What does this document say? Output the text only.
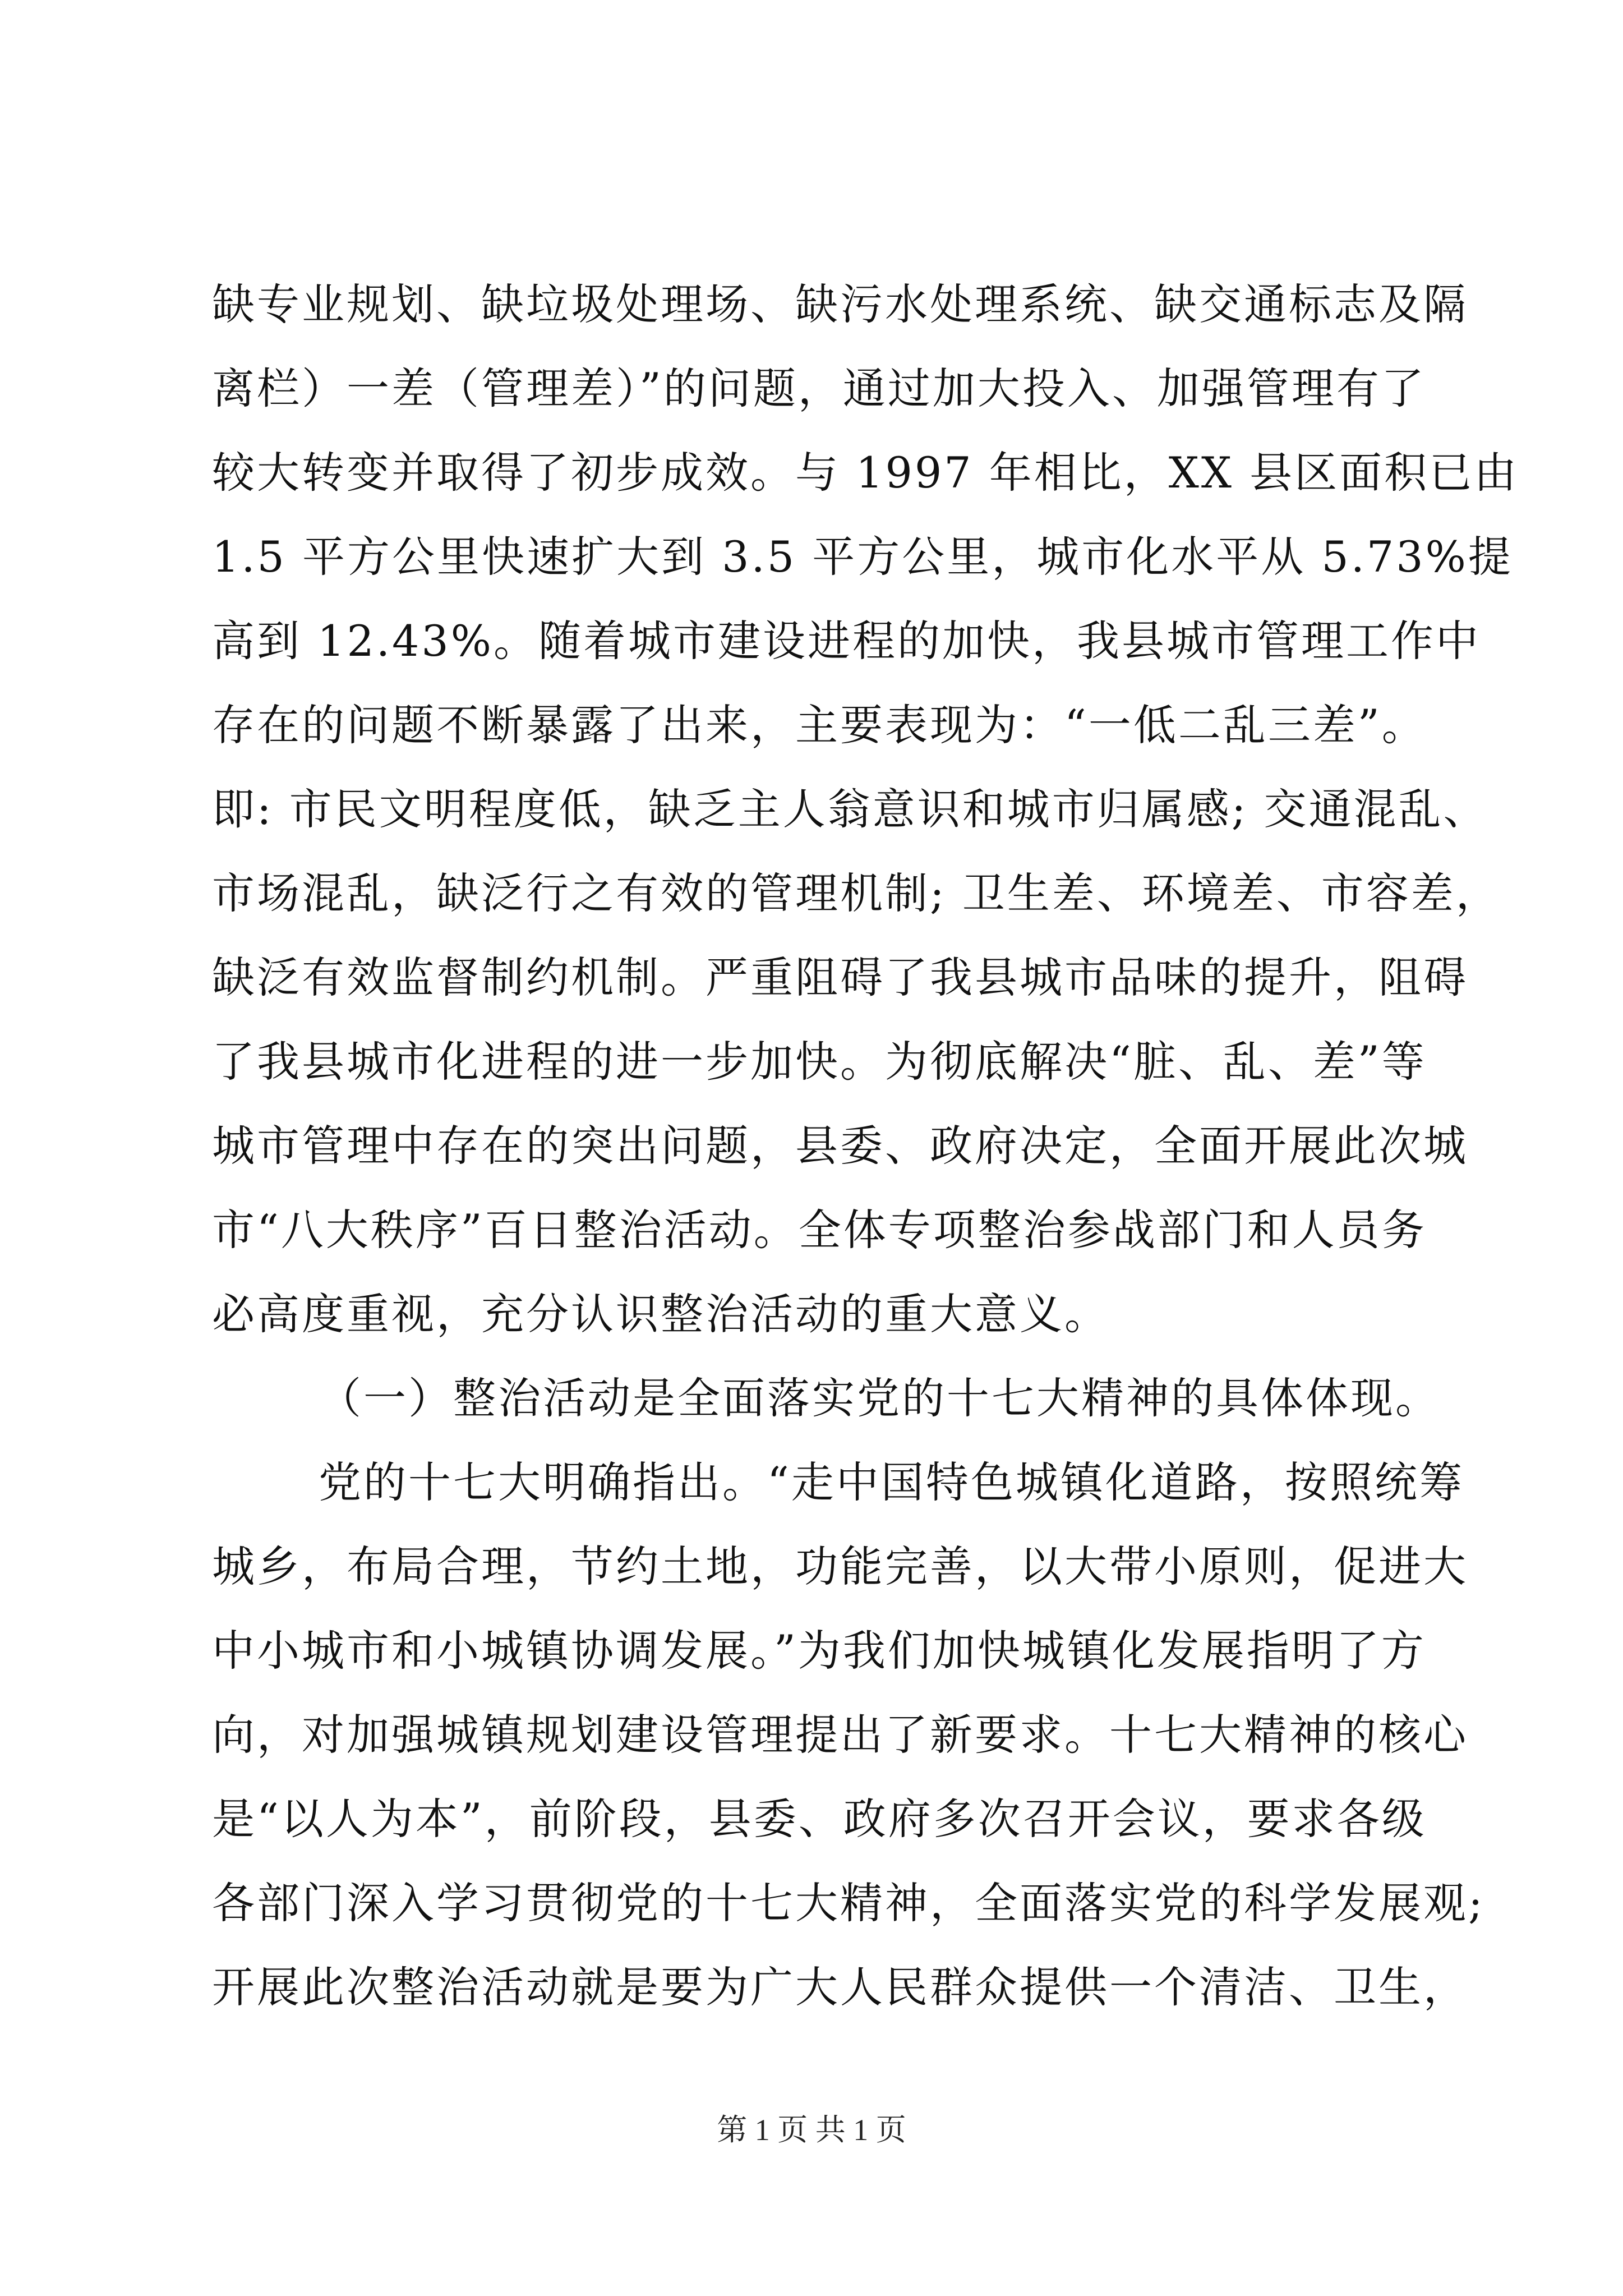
缺专业规划、缺垃圾处理场、缺污水处理系统、缺交通标志及隔
离栏）一差（管理差）”的问题，通过加大投入、加强管理有了
较大转变并取得了初步成效。与 1997 年相比，XX 县区面积已由
1.5 平方公里快速扩大到 3.5 平方公里，城市化水平从 5.73%提
高到 12.43%。随着城市建设进程的加快，我县城市管理工作中
存在的问题不断暴露了出来，主要表现为：“一低二乱三差”。
即: 市民文明程度低，缺乏主人翁意识和城市归属感; 交通混乱、
市场混乱，缺泛行之有效的管理机制; 卫生差、环境差、市容差，
缺泛有效监督制约机制。严重阻碍了我县城市品味的提升，阻碍
了我县城市化进程的进一步加快。为彻底解决“脏、乱、差”等
城市管理中存在的突出问题，县委、政府决定，全面开展此次城
市“八大秩序”百日整治活动。全体专项整治参战部门和人员务
必高度重视，充分认识整治活动的重大意义。
（一）整治活动是全面落实党的十七大精神的具体体现。
党的十七大明确指出。“走中国特色城镇化道路，按照统筹
城乡，布局合理，节约土地，功能完善，以大带小原则，促进大
中小城市和小城镇协调发展。”为我们加快城镇化发展指明了方
向，对加强城镇规划建设管理提出了新要求。十七大精神的核心
是“以人为本”，前阶段，县委、政府多次召开会议，要求各级
各部门深入学习贯彻党的十七大精神，全面落实党的科学发展观;
开展此次整治活动就是要为广大人民群众提供一个清洁、卫生，
第 1 页 共 1 页
